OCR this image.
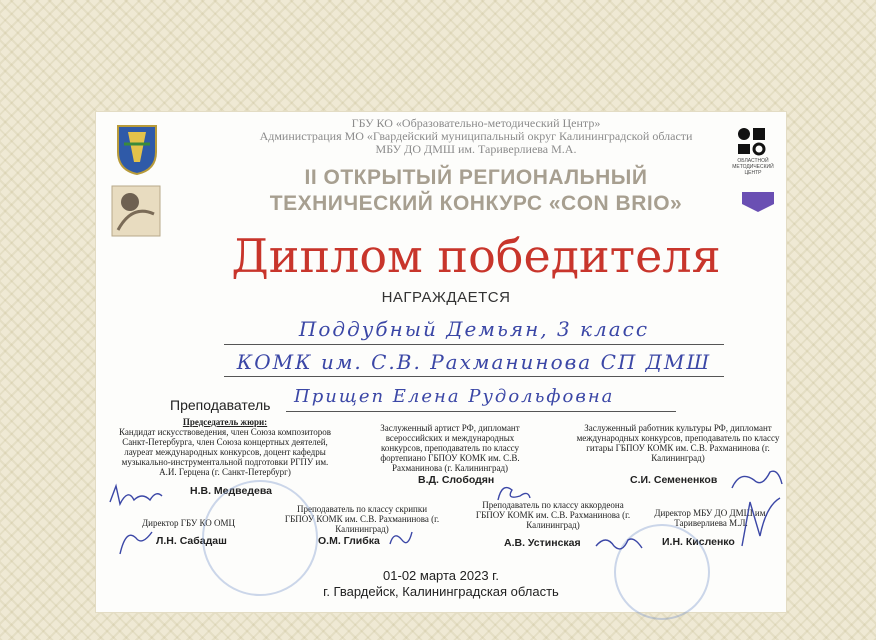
ОБЛАСТНОЙ МЕТОДИЧЕСКИЙ ЦЕНТР
ГБУ КО «Образовательно-методический Центр»
Администрация МО «Гвардейский муниципальный округ Калининградской области
МБУ ДО ДМШ им. Тариверлиева М.А.
II ОТКРЫТЫЙ РЕГИОНАЛЬНЫЙ
ТЕХНИЧЕСКИЙ КОНКУРС «CON BRIO»
Диплом победителя
НАГРАЖДАЕТСЯ
Поддубный Демьян, 3 класс
КОМК им. С.В. Рахманинова СП ДМШ
Преподаватель Прищеп Елена Рудольфовна
Председатель жюри:
Кандидат искусствоведения, член Союза композиторов Санкт-Петербурга, член Союза концертных деятелей, лауреат международных конкурсов, доцент кафедры музыкально-инструментальной подготовки РГПУ им. А.И. Герцена (г. Санкт-Петербург)
Н.В. Медведева
Заслуженный артист РФ, дипломант всероссийских и международных конкурсов, преподаватель по классу фортепиано ГБПОУ КОМК им. С.В. Рахманинова (г. Калининград)
В.Д. Слободян
Заслуженный работник культуры РФ, дипломант международных конкурсов, преподаватель по классу гитары ГБПОУ КОМК им. С.В. Рахманинова (г. Калининград)
С.И. Семененков
Директор ГБУ КО ОМЦ
Л.Н. Сабадаш
Преподаватель по классу скрипки ГБПОУ КОМК им. С.В. Рахманинова (г. Калининград)
О.М. Глибка
Преподаватель по классу аккордеона ГБПОУ КОМК им. С.В. Рахманинова (г. Калининград)
А.В. Устинская
Директор МБУ ДО ДМШ им. Тариверлиева М.Л.
И.Н. Кисленко
01-02 марта 2023 г.
г. Гвардейск, Калининградская область
